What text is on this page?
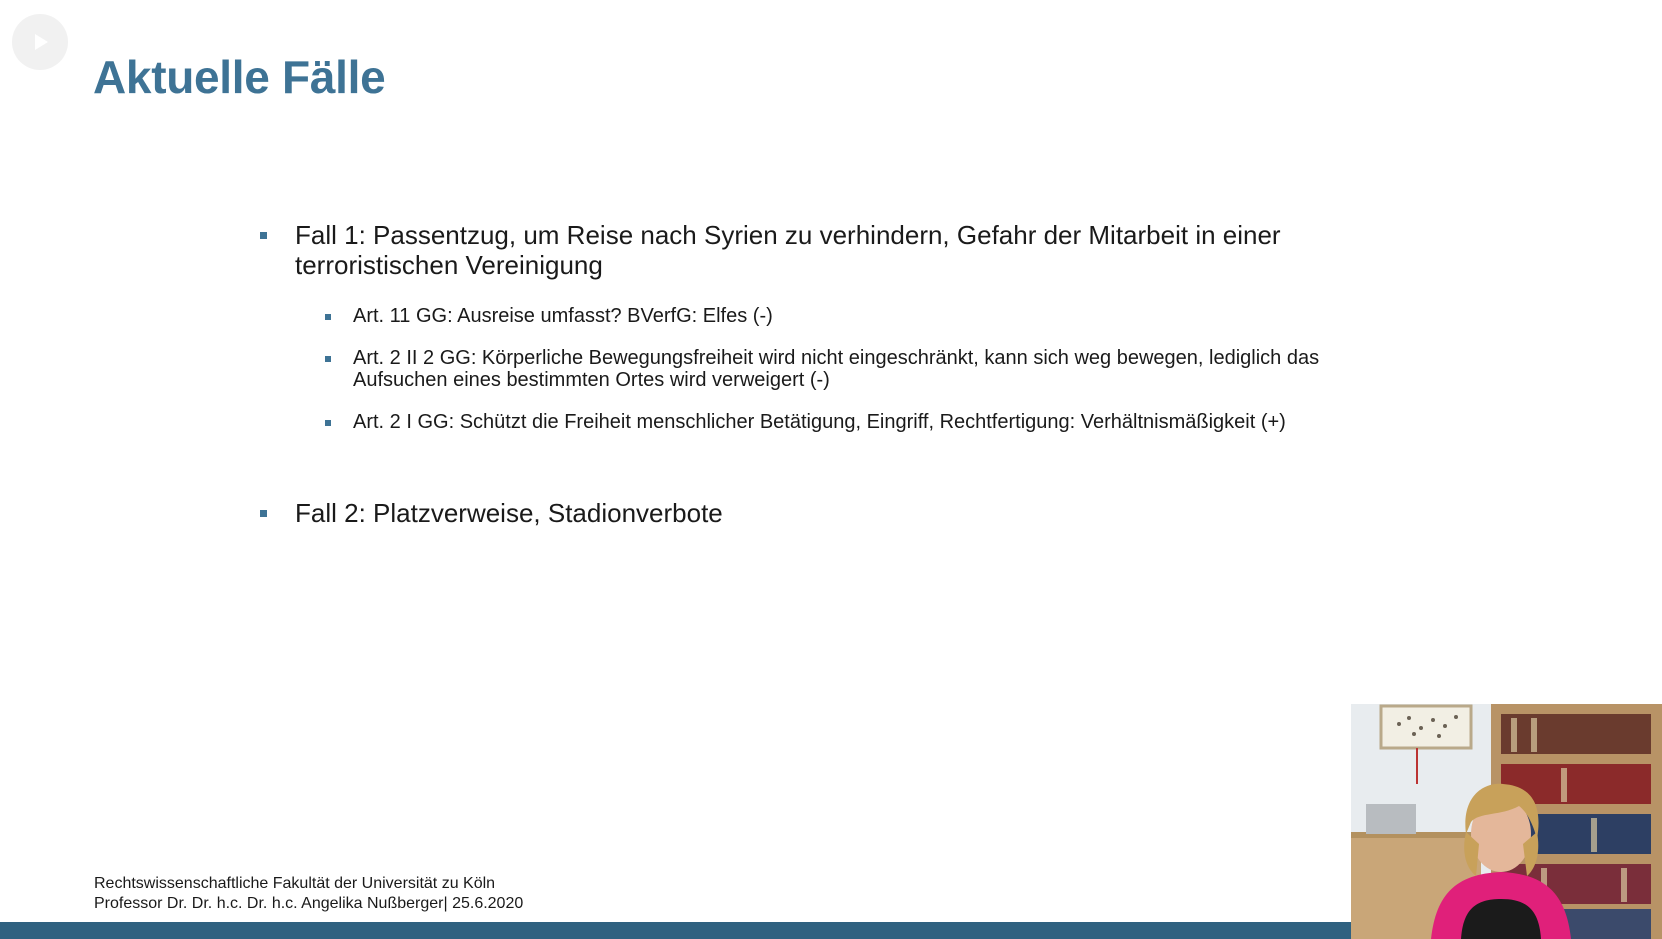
Aktuelle Fälle
Fall 1: Passentzug, um Reise nach Syrien zu verhindern, Gefahr der Mitarbeit in einer terroristischen Vereinigung
Art. 11 GG: Ausreise umfasst? BVerfG: Elfes (-)
Art. 2 II 2 GG: Körperliche Bewegungsfreiheit wird nicht eingeschränkt, kann sich weg bewegen, lediglich das Aufsuchen eines bestimmten Ortes wird verweigert (-)
Art. 2 I GG: Schützt die Freiheit menschlicher Betätigung, Eingriff, Rechtfertigung: Verhältnismäßigkeit (+)
Fall 2: Platzverweise, Stadionverbote
Rechtswissenschaftliche Fakultät der Universität zu Köln
Professor Dr. Dr. h.c. Dr. h.c. Angelika Nußberger| 25.6.2020
